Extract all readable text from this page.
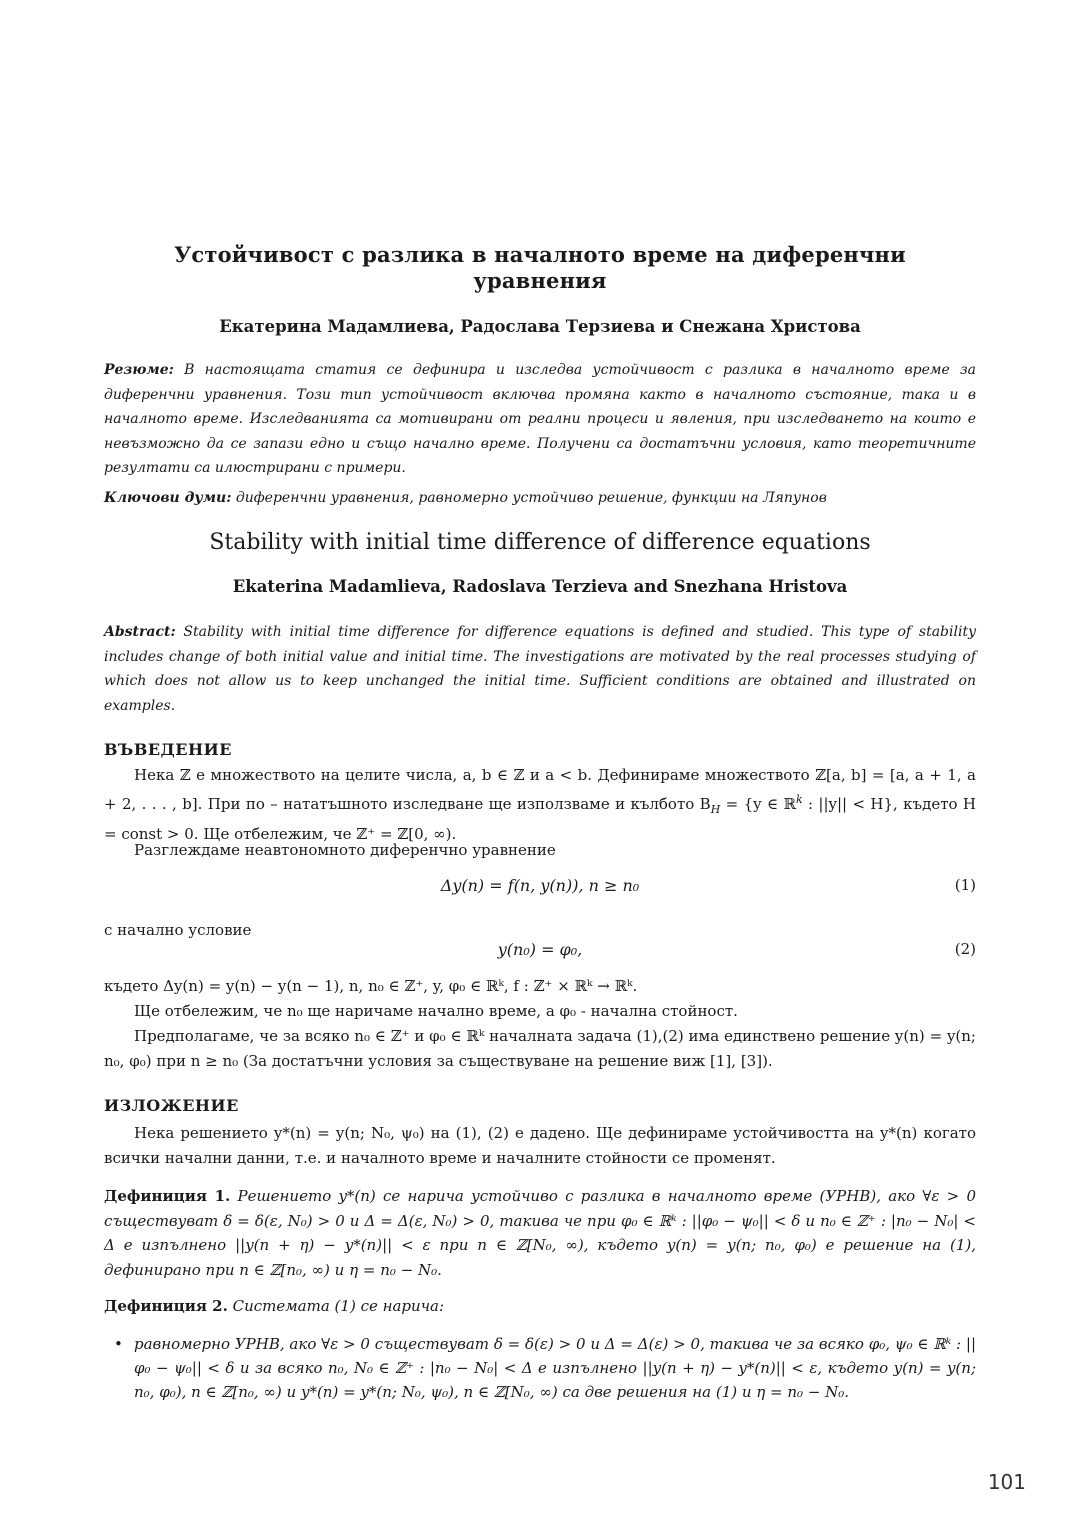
Устойчивост с разлика в началното време на диференчни уравнения
Екатерина Мадамлиева, Радослава Терзиева и Снежана Христова
Резюме: В настоящата статия се дефинира и изследва устойчивост с разлика в началното време за диференчни уравнения. Този тип устойчивост включва промяна както в началното състояние, така и в началното време. Изследванията са мотивирани от реални процеси и явления, при изследването на които е невъзможно да се запази едно и също начално време. Получени са достатъчни условия, като теоретичните резултати са илюстрирани с примери.
Ключови думи: диференчни уравнения, равномерно устойчиво решение, функции на Ляпунов
Stability with initial time difference of difference equations
Ekaterina Madamlieva, Radoslava Terzieva and Snezhana Hristova
Abstract: Stability with initial time difference for difference equations is defined and studied. This type of stability includes change of both initial value and initial time. The investigations are motivated by the real processes studying of which does not allow us to keep unchanged the initial time. Sufficient conditions are obtained and illustrated on examples.
ВЪВЕДЕНИЕ
Нека ℤ е множеството на целите числа, a, b ∈ ℤ и a < b. Дефинираме множеството ℤ[a, b] = [a, a + 1, a + 2, . . . , b]. При по – нататъшното изследване ще използваме и кълбото $B_H = \{y$ ∈ ℝ$^k$ : ||y|| < H}, където H = const > 0. Ще отбележим, че ℤ⁺ = ℤ[0, ∞).
Разглеждаме неавтономното диференчно уравнение
Δy(n) = f(n, y(n)), n ≥ n₀	(1)
с начално условие
y(n₀) = φ₀,	(2)
където Δy(n) = y(n) − y(n − 1), n, n₀ ∈ ℤ⁺, y, φ₀ ∈ ℝᵏ, f : ℤ⁺ × ℝᵏ → ℝᵏ.
Ще отбележим, че n₀ ще наричаме начално време, а φ₀ - начална стойност.
Предполагаме, че за всяко n₀ ∈ ℤ⁺ и φ₀ ∈ ℝᵏ началната задача (1),(2) има единствено решение y(n) = y(n; n₀, φ₀) при n ≥ n₀ (За достатъчни условия за съществуване на решение виж [1], [3]).
ИЗЛОЖЕНИЕ
Нека решението y*(n) = y(n; N₀, ψ₀) на (1), (2) е дадено. Ще дефинираме устойчивостта на y*(n) когато всички начални данни, т.е. и началното време и началните стойности се променят.
Дефиниция 1. Решението y*(n) се нарича устойчиво с разлика в началното време (УРНВ), ако ∀ε > 0 съществуват δ = δ(ε, N₀) > 0 и Δ = Δ(ε, N₀) > 0, такива че при φ₀ ∈ ℝᵏ : ||φ₀ − ψ₀|| < δ и n₀ ∈ ℤ⁺ : |n₀ − N₀| < Δ е изпълнено ||y(n + η) − y*(n)|| < ε при n ∈ ℤ[N₀, ∞), където y(n) = y(n; n₀, φ₀) е решение на (1), дефинирано при n ∈ ℤ[n₀, ∞) и η = n₀ − N₀.
Дефиниция 2. Системата (1) се нарича:
• равномерно УРНВ, ако ∀ε > 0 съществуват δ = δ(ε) > 0 и Δ = Δ(ε) > 0, такива че за всяко φ₀, ψ₀ ∈ ℝᵏ : ||φ₀ − ψ₀|| < δ и за всяко n₀, N₀ ∈ ℤ⁺ : |n₀ − N₀| < Δ е изпълнено ||y(n + η) − y*(n)|| < ε, където y(n) = y(n; n₀, φ₀), n ∈ ℤ[n₀, ∞) и y*(n) = y*(n; N₀, ψ₀), n ∈ ℤ[N₀, ∞) са две решения на (1) и η = n₀ − N₀.
101
